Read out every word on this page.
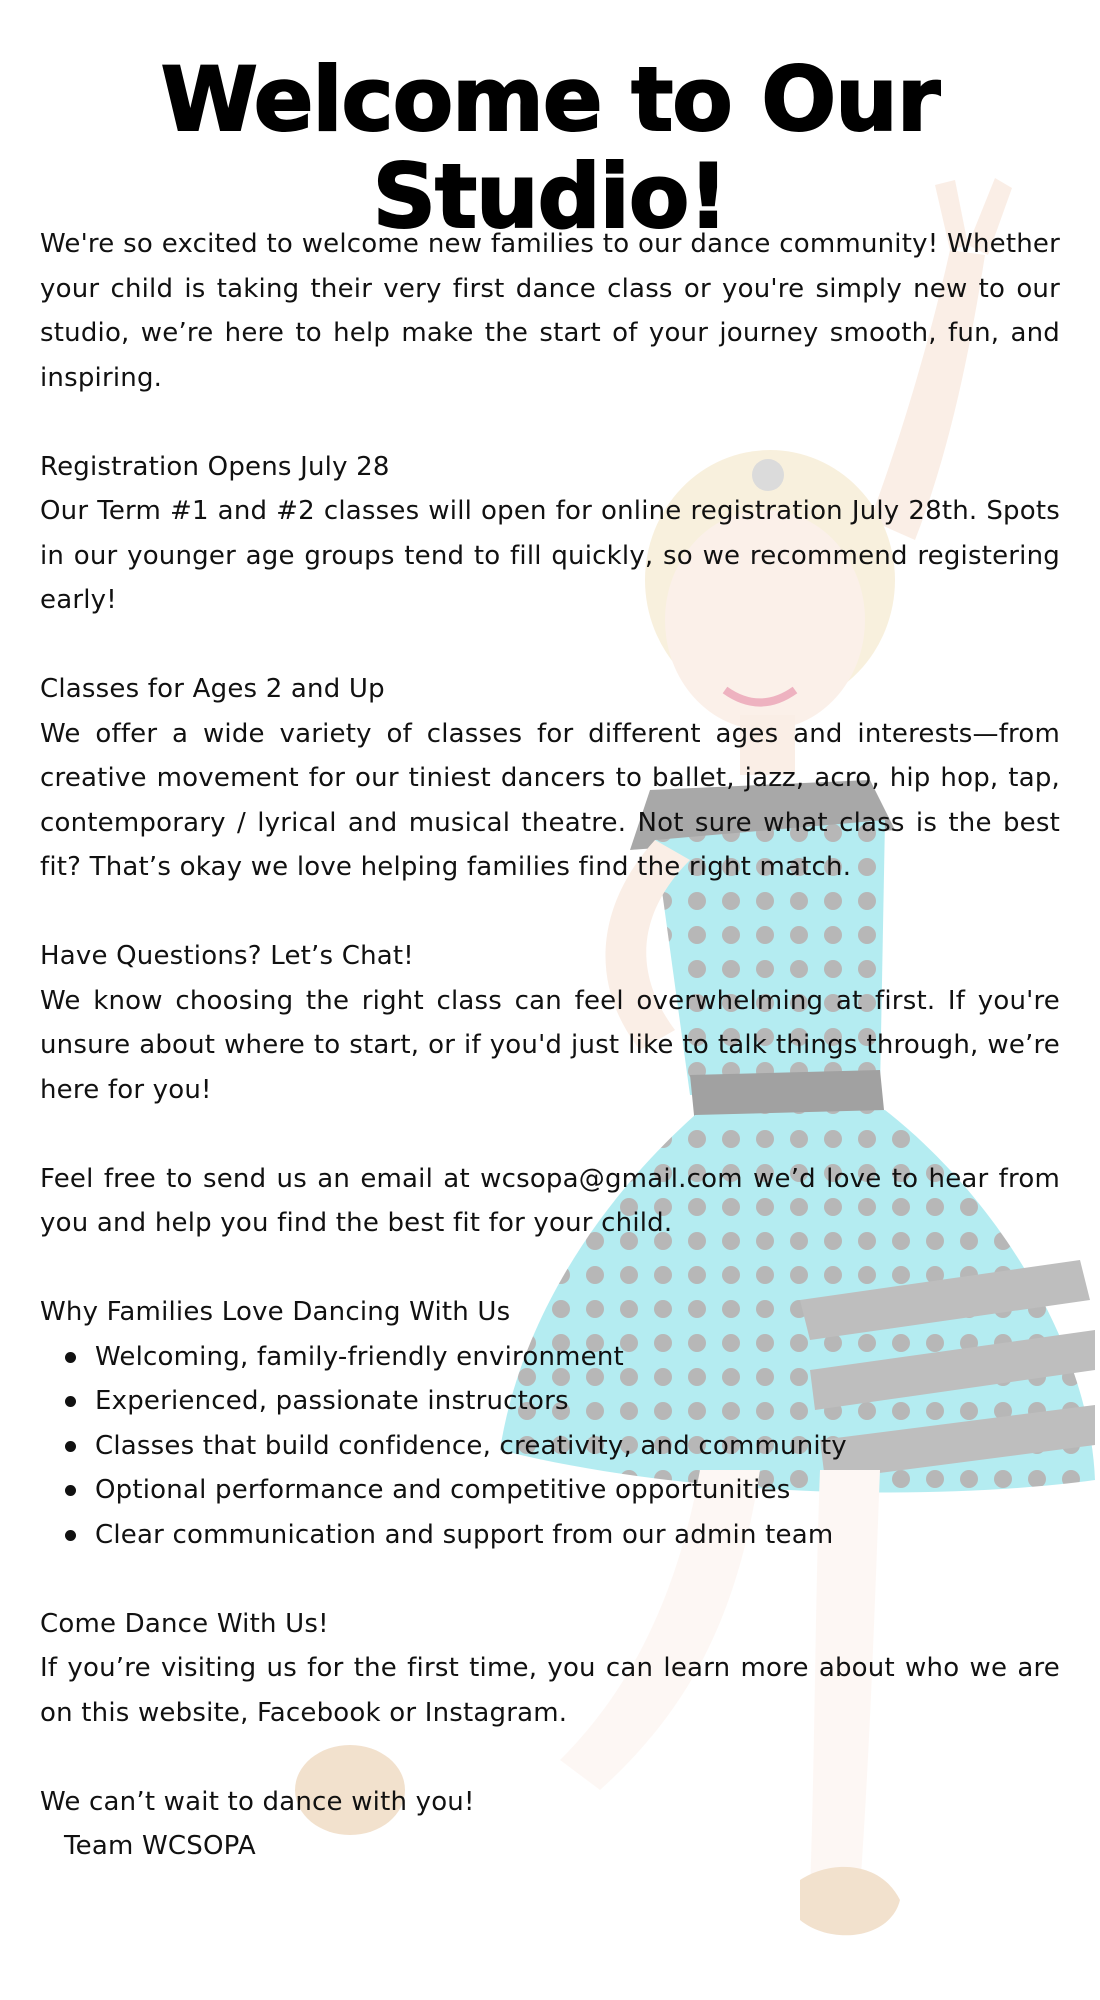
Welcome to Our Studio!

We're so excited to welcome new families to our dance community! Whether your child is taking their very first dance class or you're simply new to our studio, we’re here to help make the start of your journey smooth, fun, and inspiring.

Registration Opens July 28

Our Term #1 and #2 classes will open for online registration July 28th. Spots in our younger age groups tend to fill quickly, so we recommend registering early!

Classes for Ages 2 and Up

We offer a wide variety of classes for different ages and interests—from creative movement for our tiniest dancers to ballet, jazz, acro, hip hop, tap, contemporary / lyrical and musical theatre. Not sure what class is the best fit? That’s okay we love helping families find the right match.

Have Questions? Let’s Chat!

We know choosing the right class can feel overwhelming at first. If you're unsure about where to start, or if you'd just like to talk things through, we’re here for you!

Feel free to send us an email at wcsopa@gmail.com we’d love to hear from you and help you find the best fit for your child.

Why Families Love Dancing With Us
Welcoming, family-friendly environment
Experienced, passionate instructors
Classes that build confidence, creativity, and community
Optional performance and competitive opportunities
Clear communication and support from our admin team
Come Dance With Us!

If you’re visiting us for the first time, you can learn more about who we are on this website, Facebook or Instagram.

We can’t wait to dance with you!
Team WCSOPA
